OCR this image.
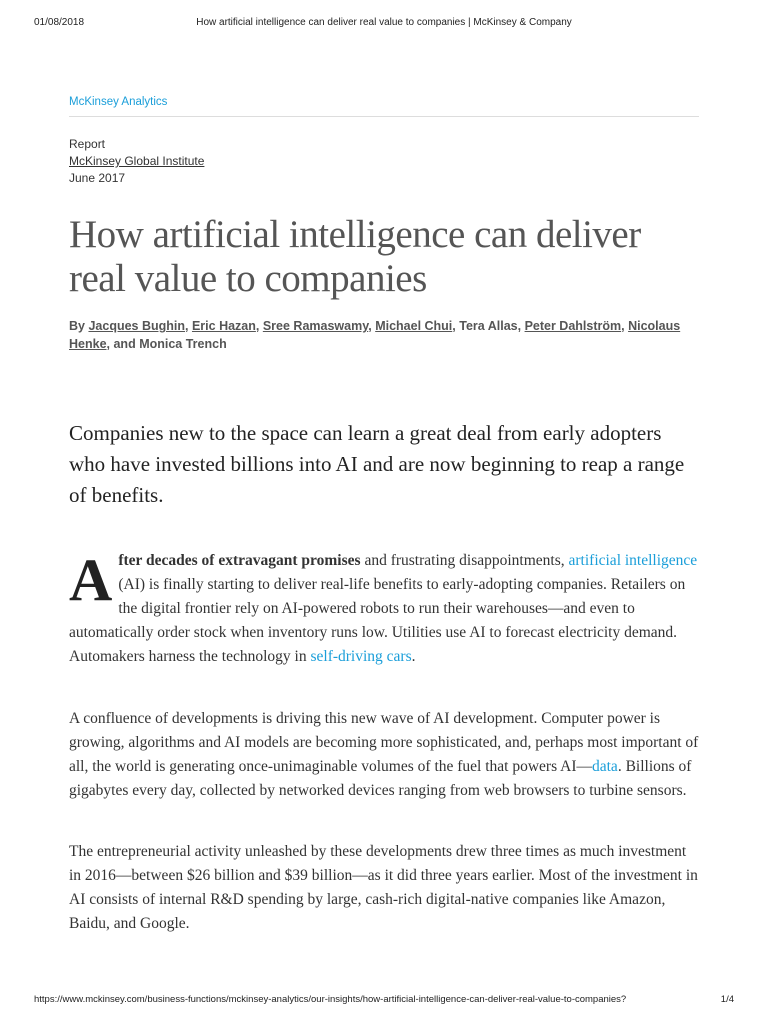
01/08/2018	How artificial intelligence can deliver real value to companies | McKinsey & Company
McKinsey Analytics
Report
McKinsey Global Institute
June 2017
How artificial intelligence can deliver real value to companies
By Jacques Bughin, Eric Hazan, Sree Ramaswamy, Michael Chui, Tera Allas, Peter Dahlström, Nicolaus Henke, and Monica Trench

Companies new to the space can learn a great deal from early adopters who have invested billions into AI and are now beginning to reap a range of benefits.

After decades of extravagant promises and frustrating disappointments, artificial intelligence (AI) is finally starting to deliver real-life benefits to early-adopting companies. Retailers on the digital frontier rely on AI-powered robots to run their warehouses—and even to automatically order stock when inventory runs low. Utilities use AI to forecast electricity demand. Automakers harness the technology in self-driving cars.

A confluence of developments is driving this new wave of AI development. Computer power is growing, algorithms and AI models are becoming more sophisticated, and, perhaps most important of all, the world is generating once-unimaginable volumes of the fuel that powers AI—data. Billions of gigabytes every day, collected by networked devices ranging from web browsers to turbine sensors.

The entrepreneurial activity unleashed by these developments drew three times as much investment in 2016—between $26 billion and $39 billion—as it did three years earlier. Most of the investment in AI consists of internal R&D spending by large, cash-rich digital-native companies like Amazon, Baidu, and Google.

https://www.mckinsey.com/business-functions/mckinsey-analytics/our-insights/how-artificial-intelligence-can-deliver-real-value-to-companies?	1/4
